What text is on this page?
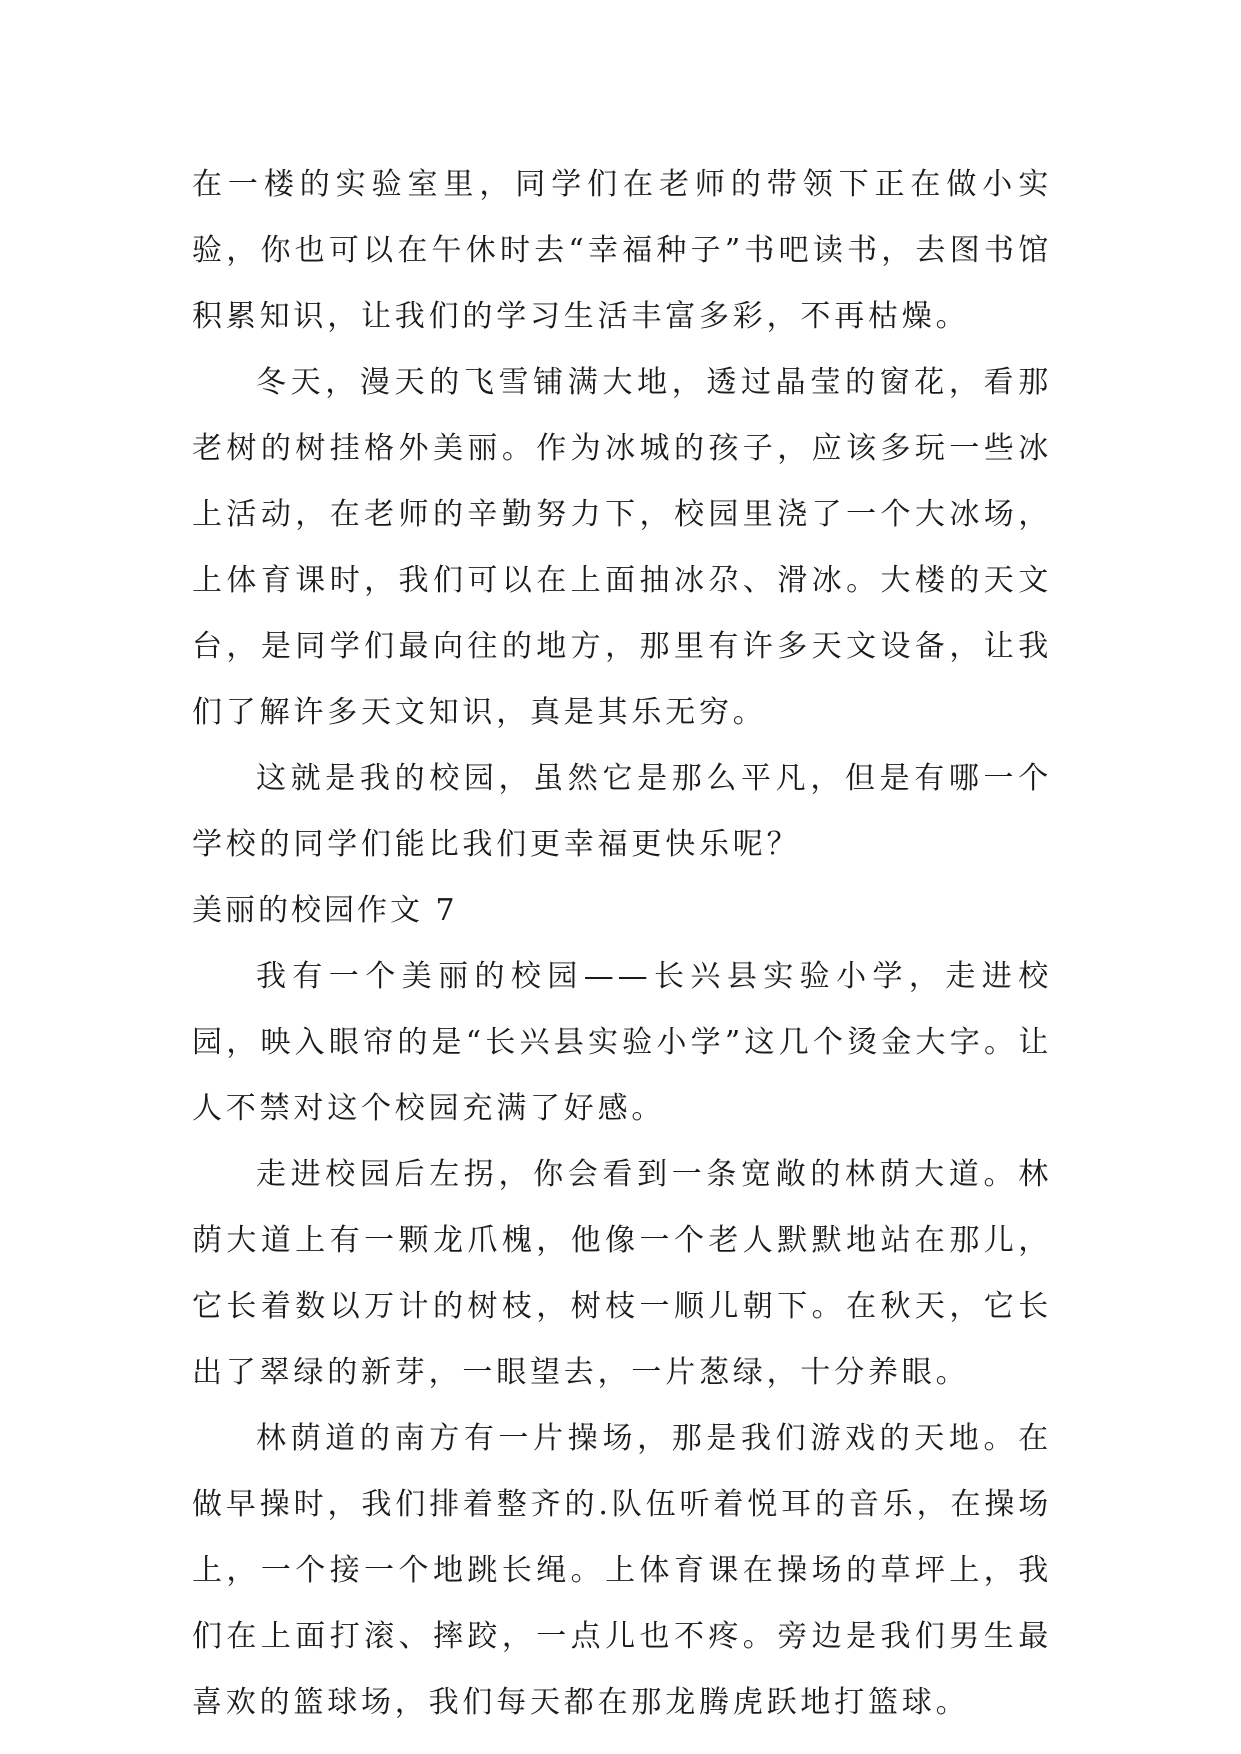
在一楼的实验室里，同学们在老师的带领下正在做小实验，你也可以在午休时去“幸福种子”书吧读书，去图书馆积累知识，让我们的学习生活丰富多彩，不再枯燥。

冬天，漫天的飞雪铺满大地，透过晶莹的窗花，看那老树的树挂格外美丽。作为冰城的孩子，应该多玩一些冰上活动，在老师的辛勤努力下，校园里浇了一个大冰场，上体育课时，我们可以在上面抽冰尕、滑冰。大楼的天文台，是同学们最向往的地方，那里有许多天文设备，让我们了解许多天文知识，真是其乐无穷。

这就是我的校园，虽然它是那么平凡，但是有哪一个学校的同学们能比我们更幸福更快乐呢？

美丽的校园作文 7

我有一个美丽的校园——长兴县实验小学，走进校园，映入眼帘的是“长兴县实验小学”这几个烫金大字。让人不禁对这个校园充满了好感。

走进校园后左拐，你会看到一条宽敞的林荫大道。林荫大道上有一颗龙爪槐，他像一个老人默默地站在那儿，它长着数以万计的树枝，树枝一顺儿朝下。在秋天，它长出了翠绿的新芽，一眼望去，一片葱绿，十分养眼。

林荫道的南方有一片操场，那是我们游戏的天地。在做早操时，我们排着整齐的.队伍听着悦耳的音乐，在操场上，一个接一个地跳长绳。上体育课在操场的草坪上，我们在上面打滚、摔跤，一点儿也不疼。旁边是我们男生最喜欢的篮球场，我们每天都在那龙腾虎跃地打篮球。
